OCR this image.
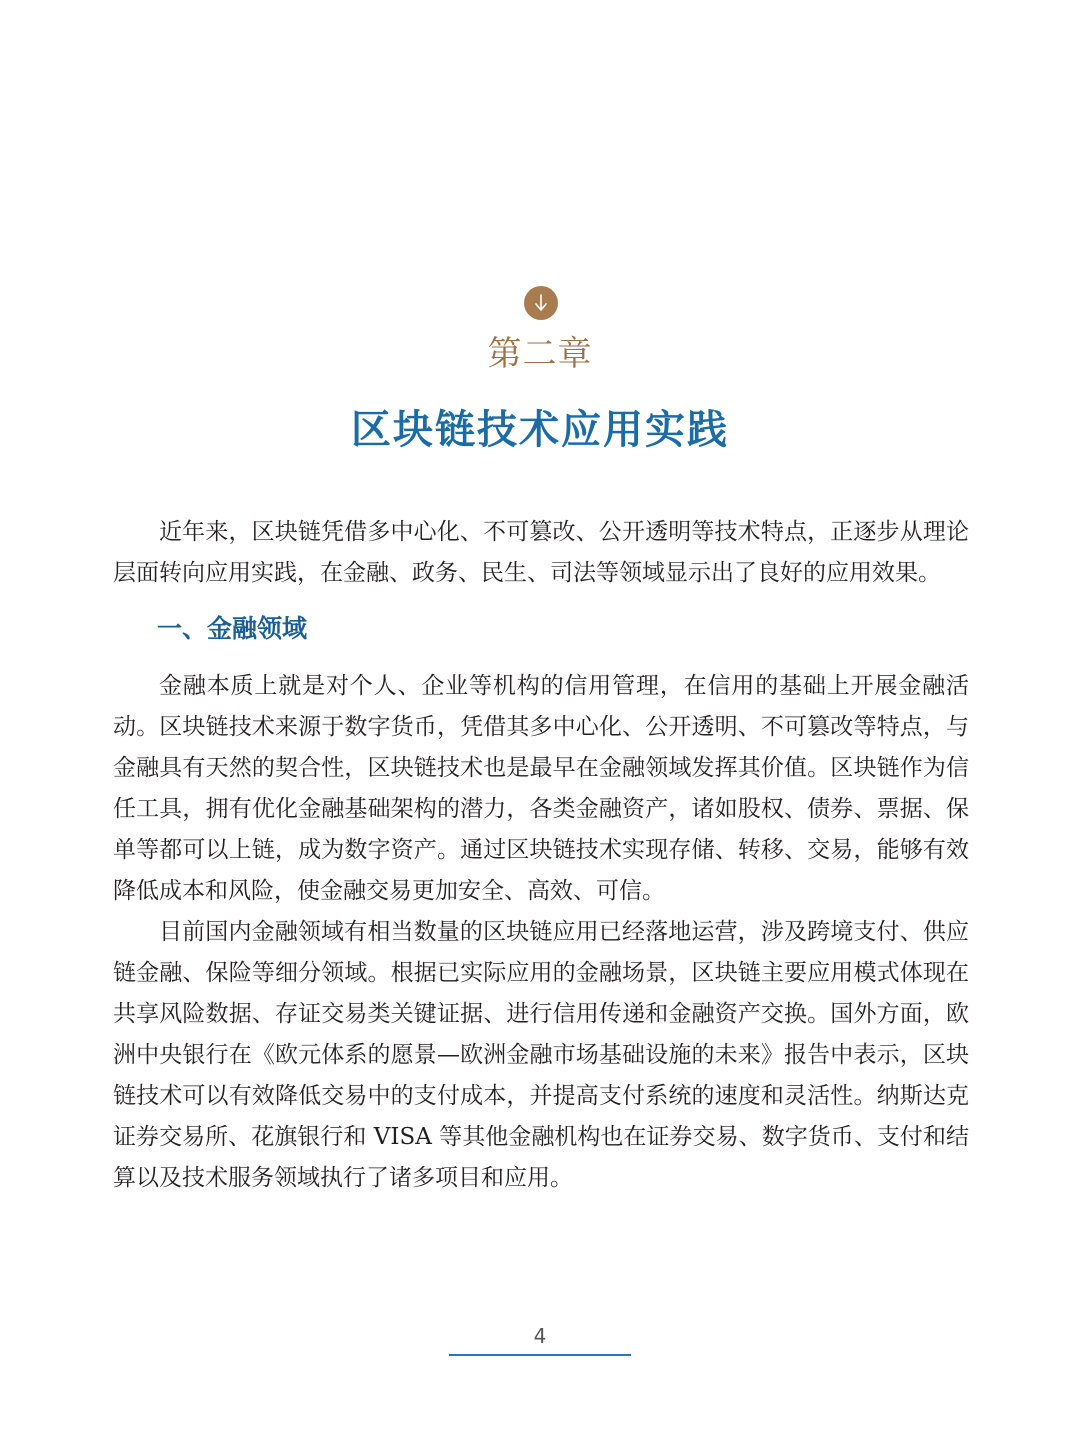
第二章
区块链技术应用实践

近年来，区块链凭借多中心化、不可篡改、公开透明等技术特点，正逐步从理论层面转向应用实践，在金融、政务、民生、司法等领域显示出了良好的应用效果。

一、金融领域

金融本质上就是对个人、企业等机构的信用管理，在信用的基础上开展金融活动。区块链技术来源于数字货币，凭借其多中心化、公开透明、不可篡改等特点，与金融具有天然的契合性，区块链技术也是最早在金融领域发挥其价值。区块链作为信任工具，拥有优化金融基础架构的潜力，各类金融资产，诸如股权、债券、票据、保单等都可以上链，成为数字资产。通过区块链技术实现存储、转移、交易，能够有效降低成本和风险，使金融交易更加安全、高效、可信。

目前国内金融领域有相当数量的区块链应用已经落地运营，涉及跨境支付、供应链金融、保险等细分领域。根据已实际应用的金融场景，区块链主要应用模式体现在共享风险数据、存证交易类关键证据、进行信用传递和金融资产交换。国外方面，欧洲中央银行在《欧元体系的愿景—欧洲金融市场基础设施的未来》报告中表示，区块链技术可以有效降低交易中的支付成本，并提高支付系统的速度和灵活性。纳斯达克证券交易所、花旗银行和 VISA 等其他金融机构也在证券交易、数字货币、支付和结算以及技术服务领域执行了诸多项目和应用。

4
